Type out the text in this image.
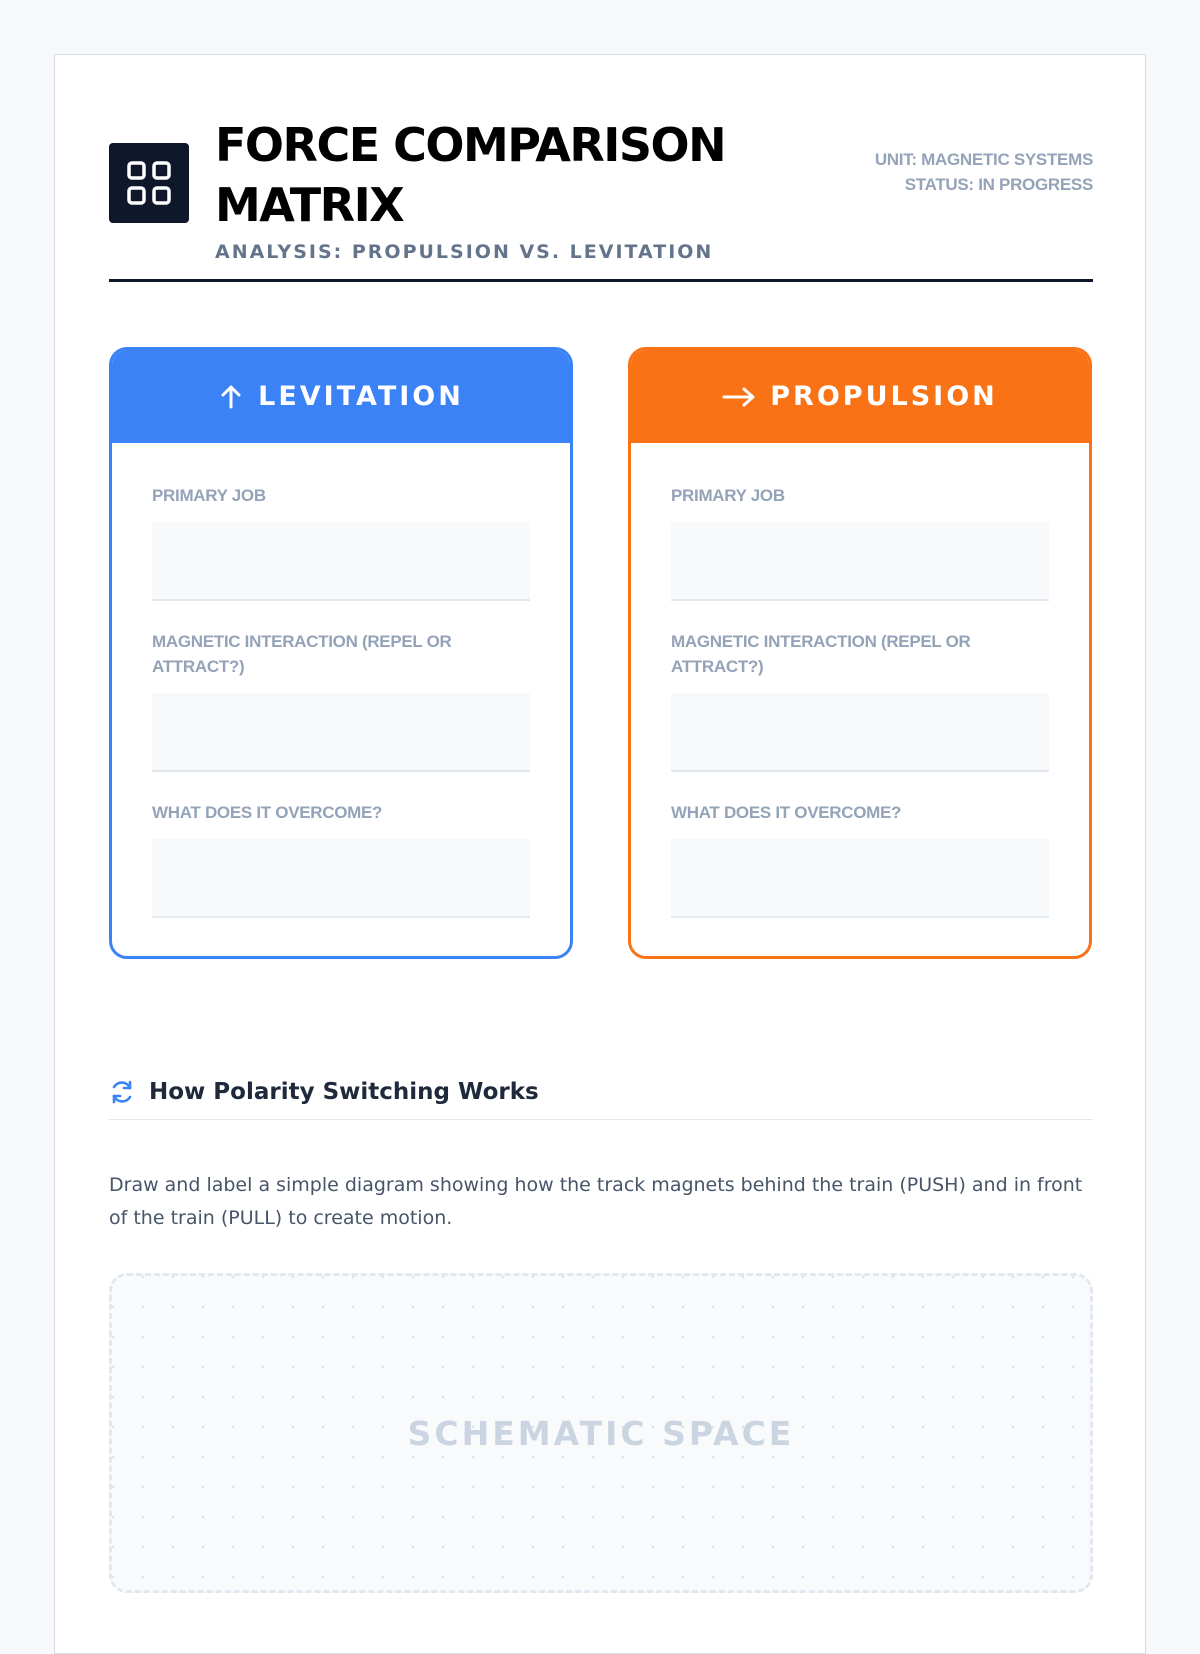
FORCE COMPARISON MATRIX
ANALYSIS: PROPULSION VS. LEVITATION
UNIT: MAGNETIC SYSTEMS
STATUS: IN PROGRESS
LEVITATION
PRIMARY JOB
MAGNETIC INTERACTION (REPEL OR ATTRACT?)
WHAT DOES IT OVERCOME?
PROPULSION
PRIMARY JOB
MAGNETIC INTERACTION (REPEL OR ATTRACT?)
WHAT DOES IT OVERCOME?
How Polarity Switching Works
Draw and label a simple diagram showing how the track magnets behind the train (PUSH) and in front of the train (PULL) to create motion.
SCHEMATIC SPACE
